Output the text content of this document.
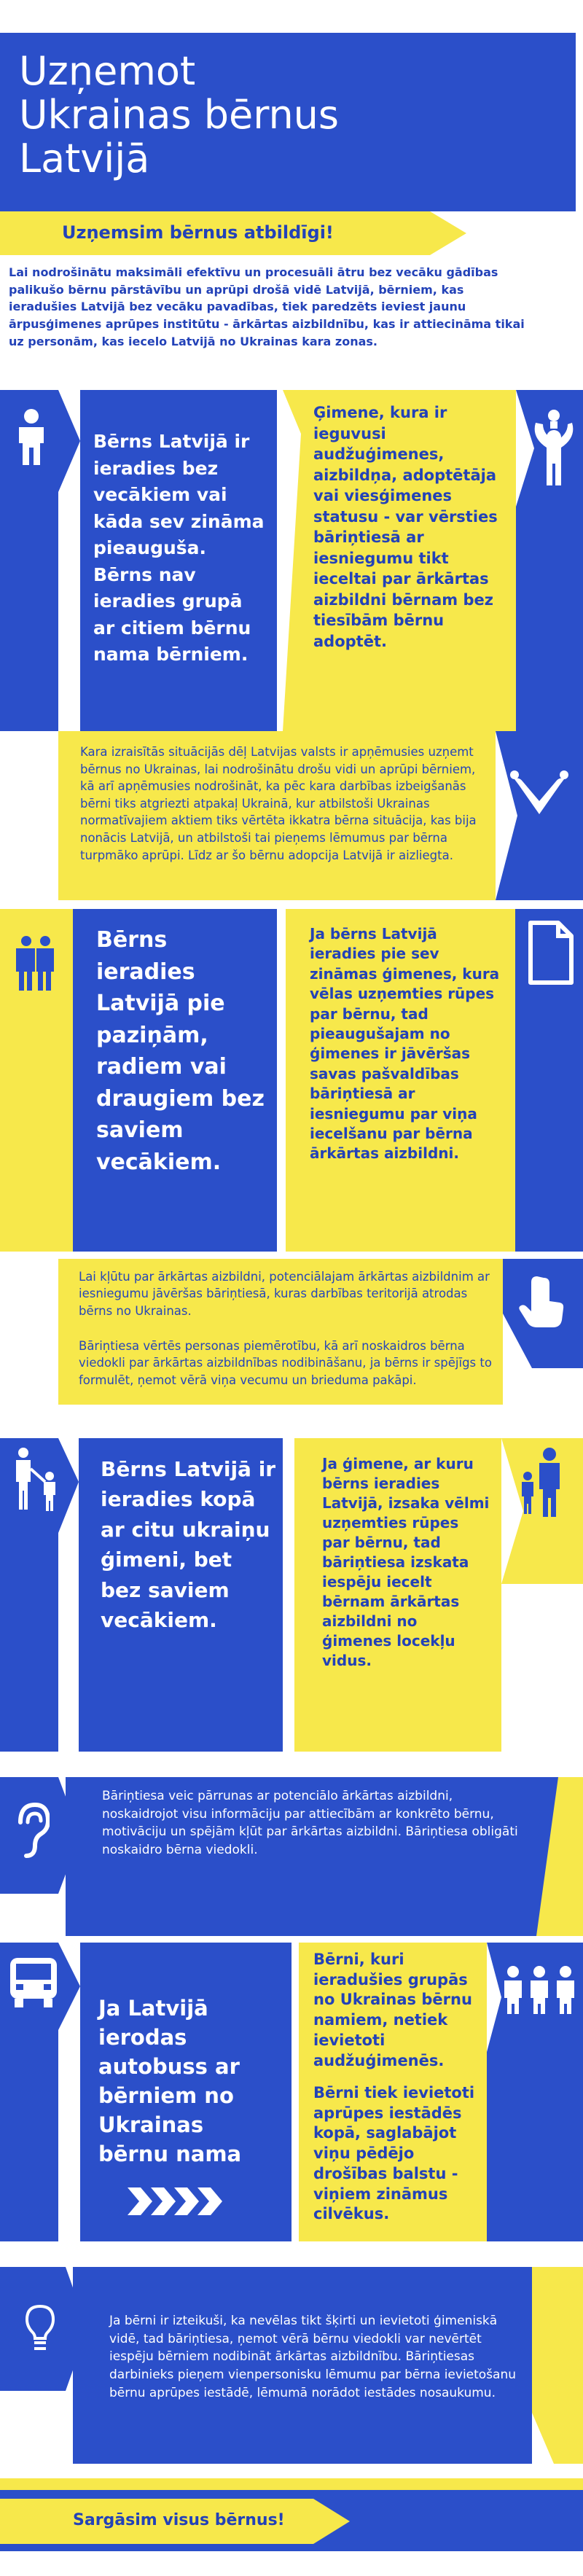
Uzņemot
Ukrainas bērnus
Latvijā
Uzņemsim bērnus atbildīgi!
Lai nodrošinātu maksimāli efektīvu un procesuāli ātru bez vecāku gādības palikušo bērnu pārstāvību un aprūpi drošā vidē Latvijā, bērniem, kas ieradušies Latvijā bez vecāku pavadības, tiek paredzēts ieviest jaunu ārpusģimenes aprūpes institūtu - ārkārtas aizbildnību, kas ir attiecināma tikai uz personām, kas iecelo Latvijā no Ukrainas kara zonas.
Bērns Latvijā ir ieradies bez vecākiem vai kāda sev zināma pieauguša. Bērns nav ieradies grupā ar citiem bērnu nama bērniem.
Ģimene, kura ir ieguvusi audžuģimenes, aizbildņa, adoptētāja vai viesģimenes statusu - var vērsties bāriņtiesā ar iesniegumu tikt ieceltai par ārkārtas aizbildni bērnam bez tiesībām bērnu adoptēt.
Kara izraisītās situācijās dēļ Latvijas valsts ir apņēmusies uzņemt bērnus no Ukrainas, lai nodrošinātu drošu vidi un aprūpi bērniem, kā arī apņēmusies nodrošināt, ka pēc kara darbības izbeigšanās bērni tiks atgriezti atpakaļ Ukrainā, kur atbilstoši Ukrainas normatīvajiem aktiem tiks vērtēta ikkatra bērna situācija, kas bija nonācis Latvijā, un atbilstoši tai pieņems lēmumus par bērna turpmāko aprūpi. Līdz ar šo bērnu adopcija Latvijā ir aizliegta.
Bērns ieradies Latvijā pie paziņām, radiem vai draugiem bez saviem vecākiem.
Ja bērns Latvijā ieradies pie sev zināmas ģimenes, kura vēlas uzņemties rūpes par bērnu, tad pieaugušajam no ģimenes ir jāvēršas savas pašvaldības bāriņtiesā ar iesniegumu par viņa iecelšanu par bērna ārkārtas aizbildni.
Lai kļūtu par ārkārtas aizbildni, potenciālajam ārkārtas aizbildnim ar iesniegumu jāvēršas bāriņtiesā, kuras darbības teritorijā atrodas bērns no Ukrainas.
Bāriņtiesa vērtēs personas piemērotību, kā arī noskaidros bērna viedokli par ārkārtas aizbildnības nodibināšanu, ja bērns ir spējīgs to formulēt, ņemot vērā viņa vecumu un brieduma pakāpi.
Bērns Latvijā ir ieradies kopā ar citu ukraiņu ģimeni, bet bez saviem vecākiem.
Ja ģimene, ar kuru bērns ieradies Latvijā, izsaka vēlmi uzņemties rūpes par bērnu, tad bāriņtiesa izskata iespēju iecelt bērnam ārkārtas aizbildni no ģimenes locekļu vidus.
Bāriņtiesa veic pārrunas ar potenciālo ārkārtas aizbildni, noskaidrojot visu informāciju par attiecībām ar konkrēto bērnu, motivāciju un spējām kļūt par ārkārtas aizbildni. Bāriņtiesa obligāti noskaidro bērna viedokli.
Ja Latvijā ierodas autobuss ar bērniem no Ukrainas bērnu nama
Bērni, kuri ieradušies grupās no Ukrainas bērnu namiem, netiek ievietoti audžuģimenēs.
Bērni tiek ievietoti aprūpes iestādēs kopā, saglabājot viņu pēdējo drošības balstu - viņiem zināmus cilvēkus.
Ja bērni ir izteikuši, ka nevēlas tikt šķirti un ievietoti ģimeniskā vidē, tad bāriņtiesa, ņemot vērā bērnu viedokli var nevērtēt iespēju bērniem nodibināt ārkārtas aizbildnību. Bāriņtiesas darbinieks pieņem vienpersonisku lēmumu par bērna ievietošanu bērnu aprūpes iestādē, lēmumā norādot iestādes nosaukumu.
Sargāsim visus bērnus!
